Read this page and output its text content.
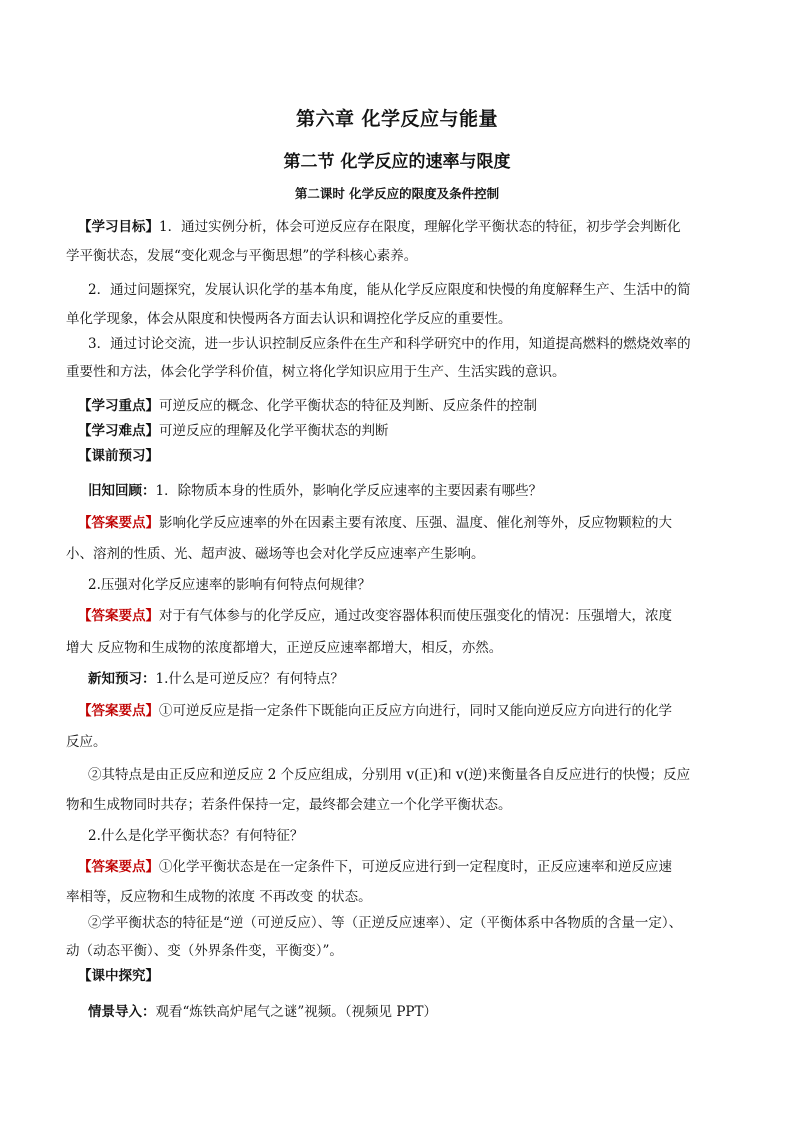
第六章 化学反应与能量
第二节 化学反应的速率与限度
第二课时 化学反应的限度及条件控制
【学习目标】1．通过实例分析，体会可逆反应存在限度，理解化学平衡状态的特征，初步学会判断化
学平衡状态，发展“变化观念与平衡思想”的学科核心素养。
2．通过问题探究，发展认识化学的基本角度，能从化学反应限度和快慢的角度解释生产、生活中的简
单化学现象，体会从限度和快慢两各方面去认识和调控化学反应的重要性。
3．通过讨论交流，进一步认识控制反应条件在生产和科学研究中的作用，知道提高燃料的燃烧效率的
重要性和方法，体会化学学科价值，树立将化学知识应用于生产、生活实践的意识。
【学习重点】可逆反应的概念、化学平衡状态的特征及判断、反应条件的控制
【学习难点】可逆反应的理解及化学平衡状态的判断
【课前预习】
旧知回顾：1．除物质本身的性质外，影响化学反应速率的主要因素有哪些？
【答案要点】影响化学反应速率的外在因素主要有浓度、压强、温度、催化剂等外，反应物颗粒的大
小、溶剂的性质、光、超声波、磁场等也会对化学反应速率产生影响。
2.压强对化学反应速率的影响有何特点何规律？
【答案要点】对于有气体参与的化学反应，通过改变容器体积而使压强变化的情况：压强增大，浓度
增大 反应物和生成物的浓度都增大，正逆反应速率都增大，相反，亦然。
新知预习：1.什么是可逆反应？有何特点？
【答案要点】①可逆反应是指一定条件下既能向正反应方向进行，同时又能向逆反应方向进行的化学
反应。
②其特点是由正反应和逆反应 2 个反应组成，分别用 v(正)和 v(逆)来衡量各自反应进行的快慢；反应
物和生成物同时共存；若条件保持一定，最终都会建立一个化学平衡状态。
2.什么是化学平衡状态？有何特征？
【答案要点】①化学平衡状态是在一定条件下，可逆反应进行到一定程度时，正反应速率和逆反应速
率相等，反应物和生成物的浓度 不再改变 的状态。
②学平衡状态的特征是“逆（可逆反应）、等（正逆反应速率）、定（平衡体系中各物质的含量一定）、
动（动态平衡）、变（外界条件变，平衡变）”。
【课中探究】
情景导入：观看“炼铁高炉尾气之谜”视频。（视频见 PPT）
